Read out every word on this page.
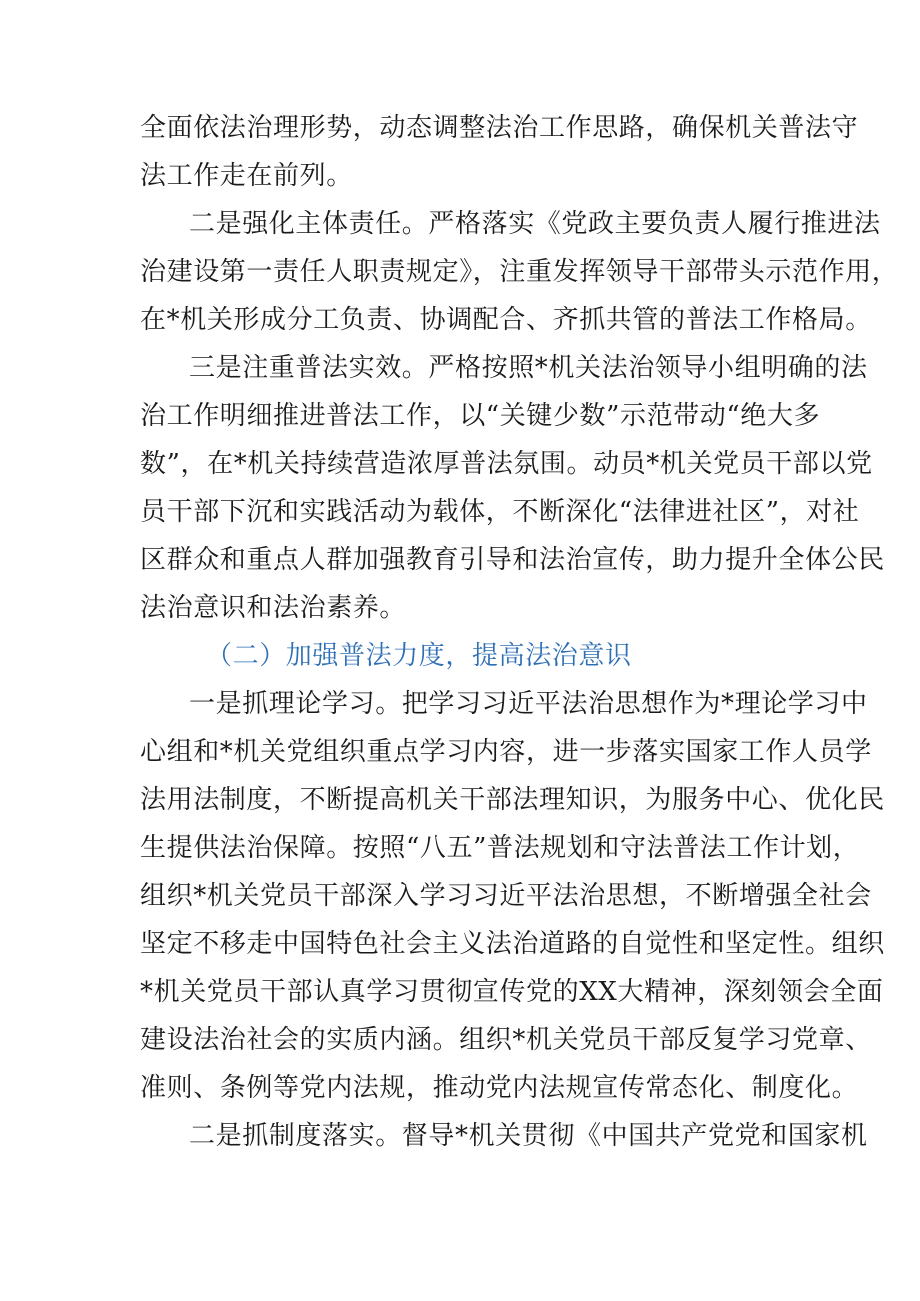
全面依法治理形势，动态调整法治工作思路，确保机关普法守
法工作走在前列。
二是强化主体责任。严格落实《党政主要负责人履行推进法
治建设第一责任人职责规定》，注重发挥领导干部带头示范作用，
在*机关形成分工负责、协调配合、齐抓共管的普法工作格局。
三是注重普法实效。严格按照*机关法治领导小组明确的法
治工作明细推进普法工作，以“关键少数”示范带动“绝大多
数”，在*机关持续营造浓厚普法氛围。动员*机关党员干部以党
员干部下沉和实践活动为载体，不断深化“法律进社区”，对社
区群众和重点人群加强教育引导和法治宣传，助力提升全体公民
法治意识和法治素养。
（二）加强普法力度，提高法治意识
一是抓理论学习。把学习习近平法治思想作为*理论学习中
心组和*机关党组织重点学习内容，进一步落实国家工作人员学
法用法制度，不断提高机关干部法理知识，为服务中心、优化民
生提供法治保障。按照“八五”普法规划和守法普法工作计划，
组织*机关党员干部深入学习习近平法治思想，不断增强全社会
坚定不移走中国特色社会主义法治道路的自觉性和坚定性。组织
*机关党员干部认真学习贯彻宣传党的XX大精神，深刻领会全面
建设法治社会的实质内涵。组织*机关党员干部反复学习党章、
准则、条例等党内法规，推动党内法规宣传常态化、制度化。
二是抓制度落实。督导*机关贯彻《中国共产党党和国家机
